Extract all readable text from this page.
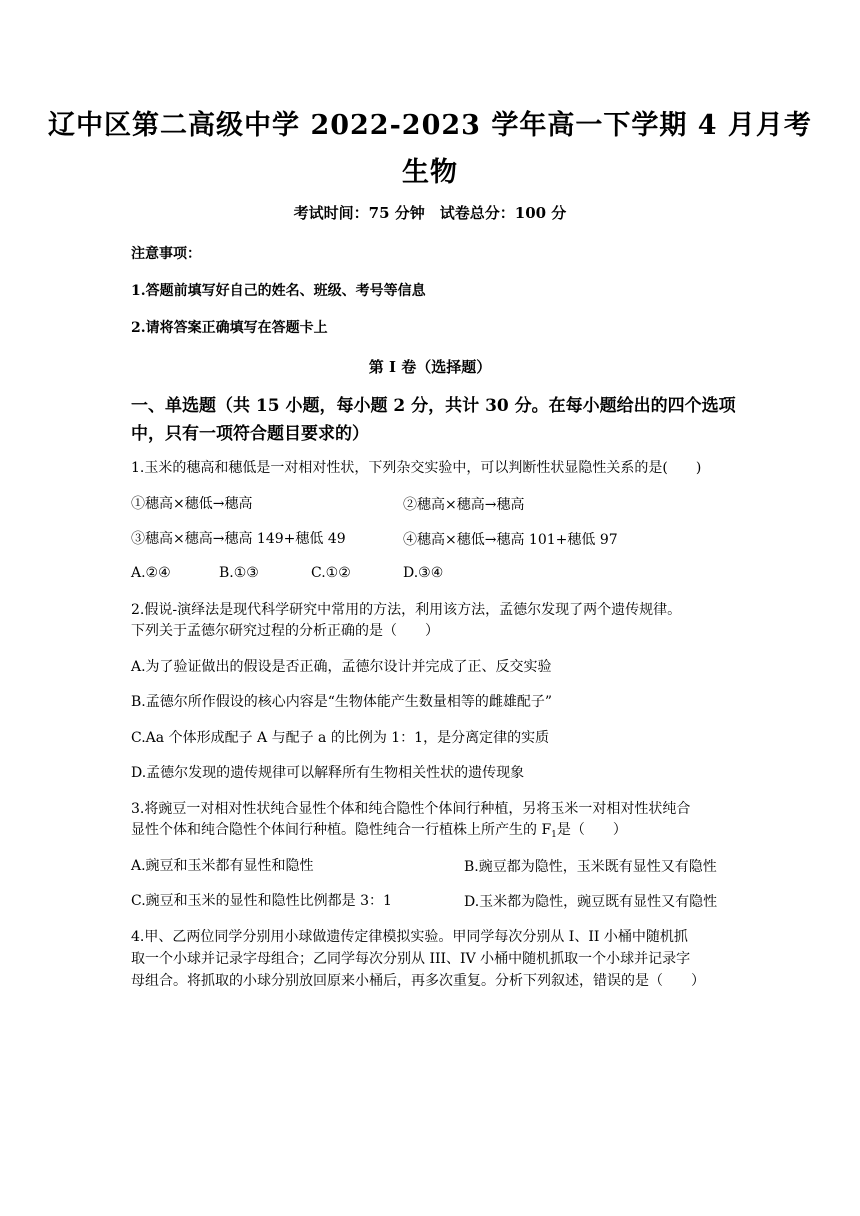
辽中区第二高级中学 2022-2023 学年高一下学期 4 月月考
生物
考试时间：75 分钟　试卷总分：100 分
注意事项：
1.答题前填写好自己的姓名、班级、考号等信息
2.请将答案正确填写在答题卡上
第 I 卷（选择题）
一、单选题（共 15 小题，每小题 2 分，共计 30 分。在每小题给出的四个选项中，只有一项符合题目要求的）
1.玉米的穗高和穗低是一对相对性状，下列杂交实验中，可以判断性状显隐性关系的是(　　)
①穗高×穗低→穗高	②穗高×穗高→穗高
③穗高×穗高→穗高 149+穗低 49	④穗高×穗低→穗高 101+穗低 97
A.②④	B.①③	C.①②	D.③④
2.假说-演绎法是现代科学研究中常用的方法，利用该方法，孟德尔发现了两个遗传规律。
下列关于孟德尔研究过程的分析正确的是（　　）
A.为了验证做出的假设是否正确，孟德尔设计并完成了正、反交实验
B.孟德尔所作假设的核心内容是“生物体能产生数量相等的雌雄配子”
C.Aa 个体形成配子 A 与配子 a 的比例为 1：1，是分离定律的实质
D.孟德尔发现的遗传规律可以解释所有生物相关性状的遗传现象
3.将豌豆一对相对性状纯合显性个体和纯合隐性个体间行种植，另将玉米一对相对性状纯合
显性个体和纯合隐性个体间行种植。隐性纯合一行植株上所产生的 $F_1$是（　　）
A.豌豆和玉米都有显性和隐性	B.豌豆都为隐性，玉米既有显性又有隐性
C.豌豆和玉米的显性和隐性比例都是 3：1	D.玉米都为隐性，豌豆既有显性又有隐性
4.甲、乙两位同学分别用小球做遗传定律模拟实验。甲同学每次分别从 I、II 小桶中随机抓
取一个小球并记录字母组合；乙同学每次分别从 III、IV 小桶中随机抓取一个小球并记录字
母组合。将抓取的小球分别放回原来小桶后，再多次重复。分析下列叙述，错误的是（　　）
